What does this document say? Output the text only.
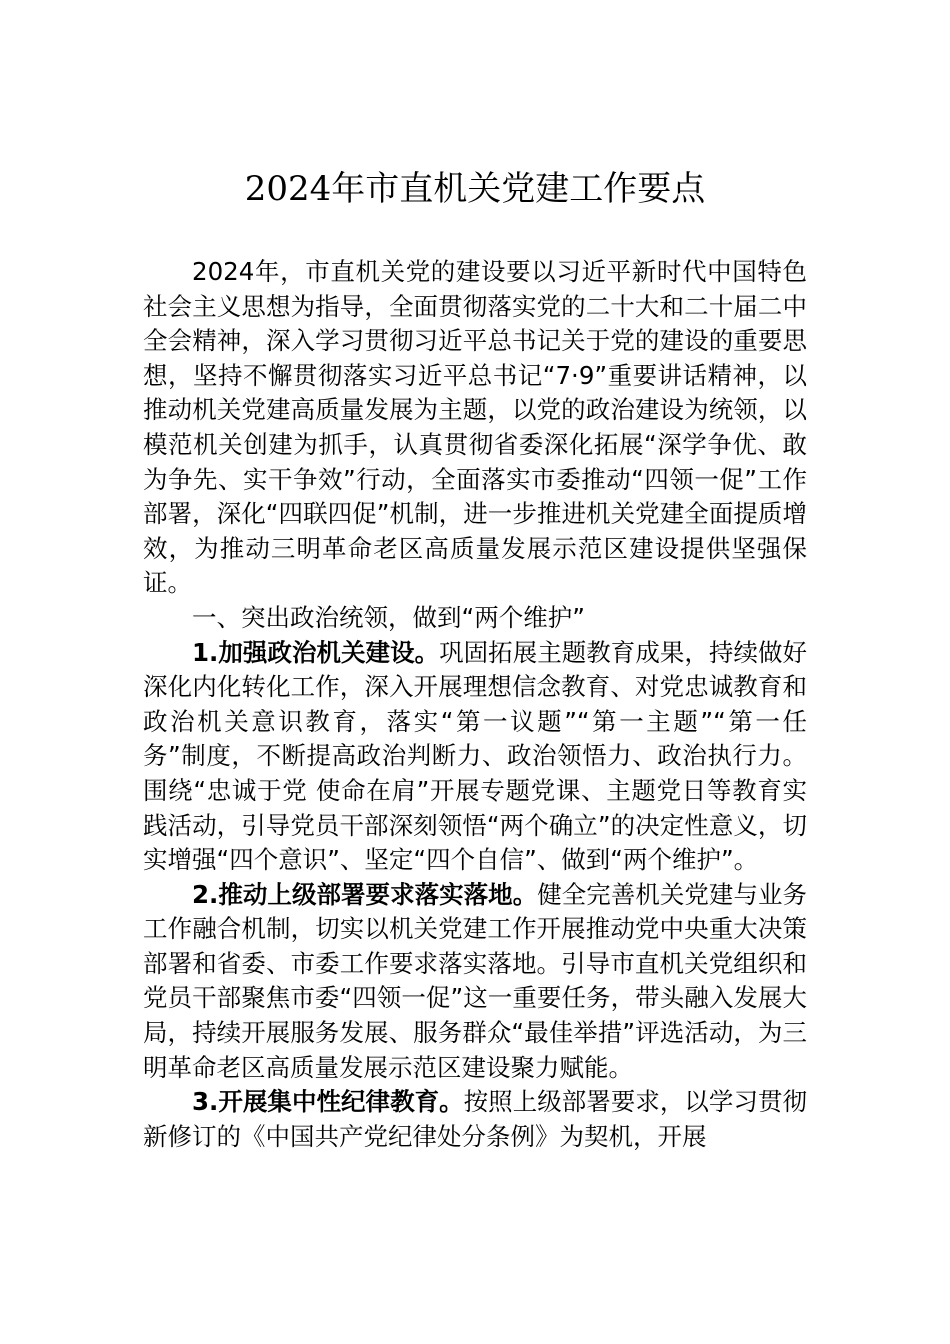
2024年市直机关党建工作要点

2024年，市直机关党的建设要以习近平新时代中国特色社会主义思想为指导，全面贯彻落实党的二十大和二十届二中全会精神，深入学习贯彻习近平总书记关于党的建设的重要思想，坚持不懈贯彻落实习近平总书记“7·9”重要讲话精神，以推动机关党建高质量发展为主题，以党的政治建设为统领，以模范机关创建为抓手，认真贯彻省委深化拓展“深学争优、敢为争先、实干争效”行动，全面落实市委推动“四领一促”工作部署，深化“四联四促”机制，进一步推进机关党建全面提质增效，为推动三明革命老区高质量发展示范区建设提供坚强保证。

一、突出政治统领，做到“两个维护”

1.加强政治机关建设。巩固拓展主题教育成果，持续做好深化内化转化工作，深入开展理想信念教育、对党忠诚教育和政治机关意识教育，落实“第一议题”“第一主题”“第一任务”制度，不断提高政治判断力、政治领悟力、政治执行力。围绕“忠诚于党 使命在肩”开展专题党课、主题党日等教育实践活动，引导党员干部深刻领悟“两个确立”的决定性意义，切实增强“四个意识”、坚定“四个自信”、做到“两个维护”。

2.推动上级部署要求落实落地。健全完善机关党建与业务工作融合机制，切实以机关党建工作开展推动党中央重大决策部署和省委、市委工作要求落实落地。引导市直机关党组织和党员干部聚焦市委“四领一促”这一重要任务，带头融入发展大局，持续开展服务发展、服务群众“最佳举措”评选活动，为三明革命老区高质量发展示范区建设聚力赋能。

3.开展集中性纪律教育。按照上级部署要求，以学习贯彻新修订的《中国共产党纪律处分条例》为契机，开展
